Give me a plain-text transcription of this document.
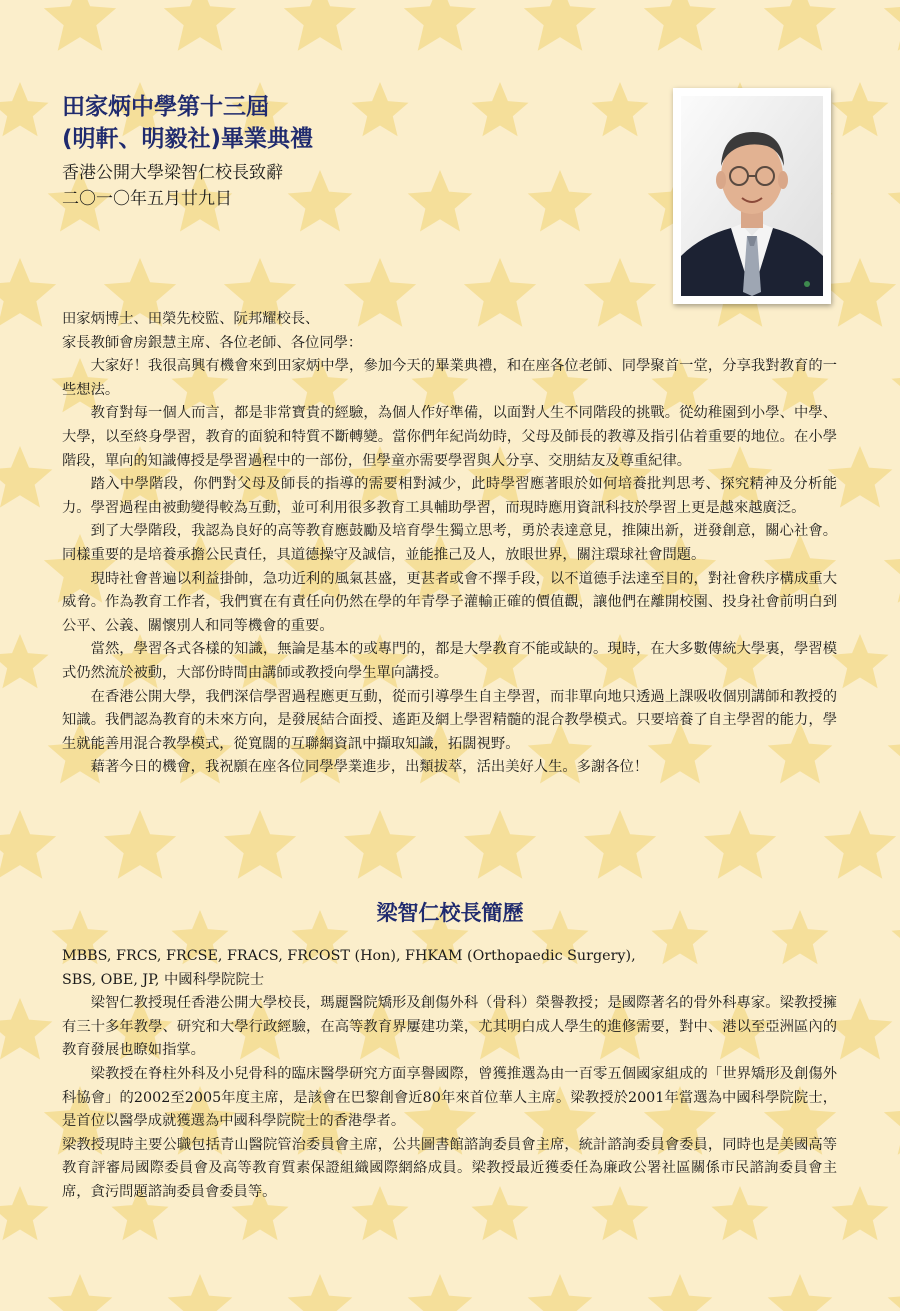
田家炳中學第十三屆
(明軒、明毅社)畢業典禮
香港公開大學梁智仁校長致辭
二〇一〇年五月廿九日

田家炳博士、田榮先校監、阮邦耀校長、

家長教師會房銀慧主席、各位老師、各位同學：

大家好！我很高興有機會來到田家炳中學，參加今天的畢業典禮，和在座各位老師、同學聚首一堂，分享我對教育的一些想法。

教育對每一個人而言，都是非常寶貴的經驗，為個人作好準備，以面對人生不同階段的挑戰。從幼稚園到小學、中學、大學，以至終身學習，教育的面貌和特質不斷轉變。當你們年紀尚幼時，父母及師長的教導及指引佔着重要的地位。在小學階段，單向的知識傳授是學習過程中的一部份，但學童亦需要學習與人分享、交朋結友及尊重紀律。

踏入中學階段，你們對父母及師長的指導的需要相對減少，此時學習應著眼於如何培養批判思考、探究精神及分析能力。學習過程由被動變得較為互動，並可利用很多教育工具輔助學習，而現時應用資訊科技於學習上更是越來越廣泛。

到了大學階段，我認為良好的高等教育應鼓勵及培育學生獨立思考，勇於表達意見，推陳出新，迸發創意，關心社會。同樣重要的是培養承擔公民責任，具道德操守及誠信，並能推己及人，放眼世界，關注環球社會問題。

現時社會普遍以利益掛帥，急功近利的風氣甚盛，更甚者或會不擇手段，以不道德手法達至目的，對社會秩序構成重大威脅。作為教育工作者，我們實在有責任向仍然在學的年青學子灌輸正確的價值觀，讓他們在離開校園、投身社會前明白到公平、公義、關懷別人和同等機會的重要。

當然，學習各式各樣的知識，無論是基本的或專門的，都是大學教育不能或缺的。現時，在大多數傳統大學裏，學習模式仍然流於被動，大部份時間由講師或教授向學生單向講授。

在香港公開大學，我們深信學習過程應更互動，從而引導學生自主學習，而非單向地只透過上課吸收個別講師和教授的知識。我們認為教育的未來方向，是發展結合面授、遙距及網上學習精髓的混合教學模式。只要培養了自主學習的能力，學生就能善用混合教學模式，從寬闊的互聯網資訊中擷取知識，拓闊視野。

藉著今日的機會，我祝願在座各位同學學業進步，出類拔萃，活出美好人生。多謝各位！

梁智仁校長簡歷

MBBS, FRCS, FRCSE, FRACS, FRCOST (Hon), FHKAM (Orthopaedic Surgery),

SBS, OBE, JP, 中國科學院院士

梁智仁教授現任香港公開大學校長，瑪麗醫院矯形及創傷外科（骨科）榮譽教授；是國際著名的骨外科專家。梁教授擁有三十多年教學、研究和大學行政經驗，在高等教育界屢建功業，尤其明白成人學生的進修需要，對中、港以至亞洲區內的教育發展也瞭如指掌。

梁教授在脊柱外科及小兒骨科的臨床醫學研究方面享譽國際，曾獲推選為由一百零五個國家組成的「世界矯形及創傷外科協會」的2002至2005年度主席，是該會在巴黎創會近80年來首位華人主席。梁教授於2001年當選為中國科學院院士，是首位以醫學成就獲選為中國科學院院士的香港學者。

梁教授現時主要公職包括青山醫院管治委員會主席，公共圖書館諮詢委員會主席，統計諮詢委員會委員，同時也是美國高等教育評審局國際委員會及高等教育質素保證組織國際網絡成員。梁教授最近獲委任為廉政公署社區關係市民諮詢委員會主席，貪污問題諮詢委員會委員等。
